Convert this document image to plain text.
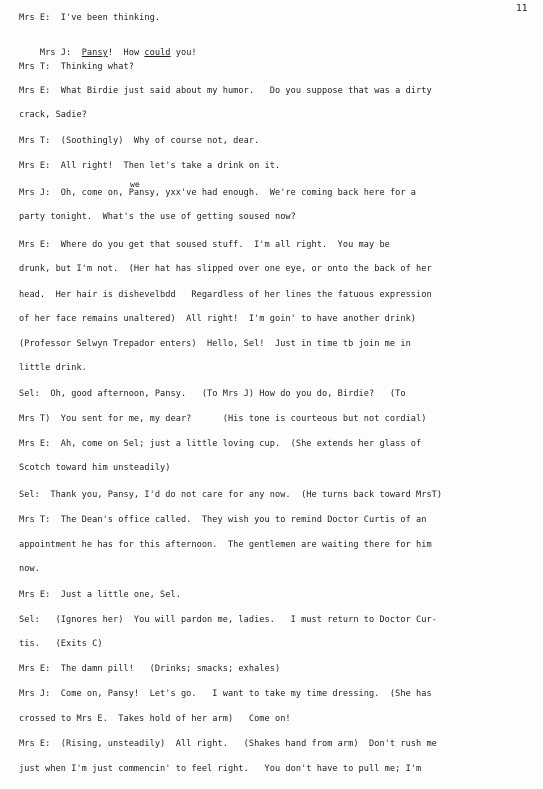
11
we
Mrs E:  I've been thinking.

Mrs J:  Pansy!  How could you!

Mrs T:  Thinking what?
Mrs E:  What Birdie just said about my humor.   Do you suppose that was a dirty
crack, Sadie?
Mrs T:  (Soothingly)  Why of course not, dear.
Mrs E:  All right!  Then let's take a drink on it.
Mrs J:  Oh, come on, Pansy, yxx've had enough.  We're coming back here for a
party tonight.  What's the use of getting soused now?
Mrs E:  Where do you get that soused stuff.  I'm all right.  You may be
drunk, but I'm not.  (Her hat has slipped over one eye, or onto the back of her
head.  Her hair is dishevelbdd   Regardless of her lines the fatuous expression
of her face remains unaltered)  All right!  I'm goin' to have another drink)
(Professor Selwyn Trepador enters)  Hello, Sel!  Just in time tb join me in
little drink.
Sel:  Oh, good afternoon, Pansy.   (To Mrs J) How do you do, Birdie?   (To
Mrs T)  You sent for me, my dear?      (His tone is courteous but not cordial)
Mrs E:  Ah, come on Sel; just a little loving cup.  (She extends her glass of
Scotch toward him unsteadily)
Sel:  Thank you, Pansy, I'd do not care for any now.  (He turns back toward MrsT)
Mrs T:  The Dean's office called.  They wish you to remind Doctor Curtis of an
appointment he has for this afternoon.  The gentlemen are waiting there for him
now.
Mrs E:  Just a little one, Sel.
Sel:   (Ignores her)  You will pardon me, ladies.   I must return to Doctor Cur-
tis.   (Exits C)
Mrs E:  The damn pill!   (Drinks; smacks; exhales)
Mrs J:  Come on, Pansy!  Let's go.   I want to take my time dressing.  (She has
crossed to Mrs E.  Takes hold of her arm)   Come on!
Mrs E:  (Rising, unsteadily)  All right.   (Shakes hand from arm)  Don't rush me
just when I'm just commencin' to feel right.   You don't have to pull me; I'm
